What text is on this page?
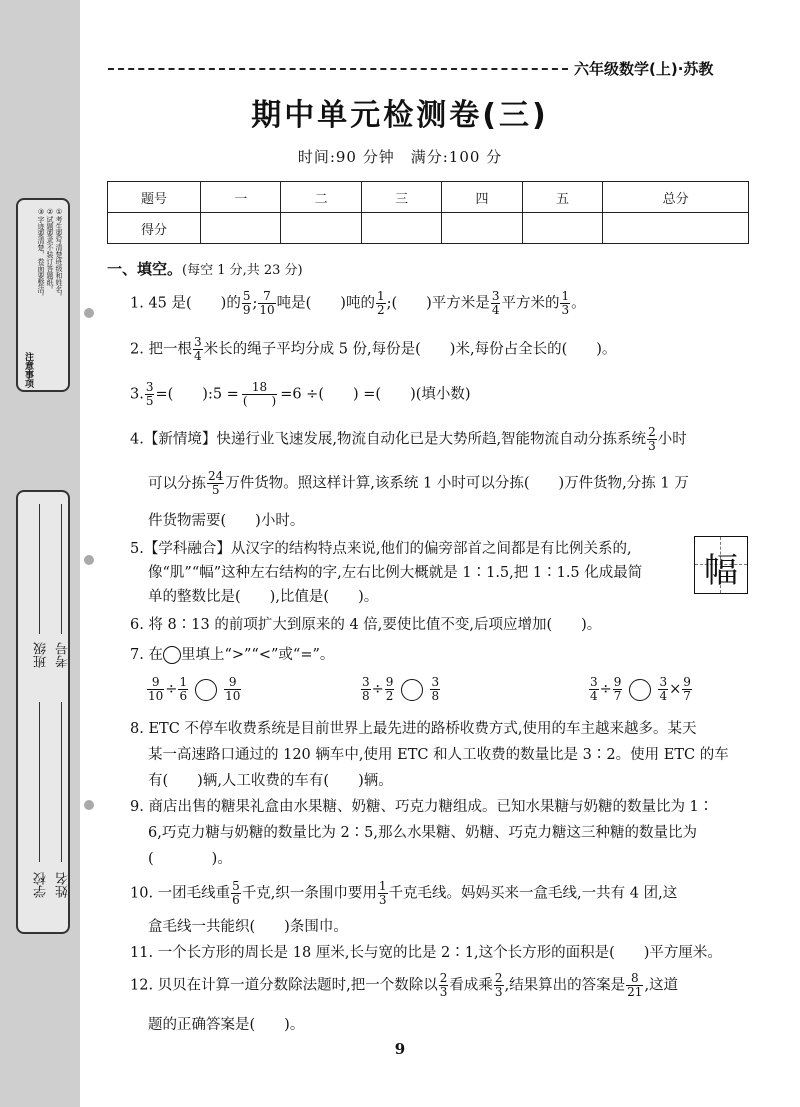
注意事项
①考生要写清楚班级和姓名。
②试题要求不装订答题纸。
③字迹要清楚，卷面要整洁。
班级 考号
学校 姓名
六年级数学(上)·苏教
期中单元检测卷(三)
时间:90 分钟　满分:100 分
题号	一	二	三	四	五	总分
得分						
一、填空。(每空 1 分,共 23 分)
1. 45 是(　　)的 $\frac{5}{9}$ ; $\frac{7}{10}$ 吨是(　　)吨的 $\frac{1}{2}$ ;(　　)平方米是 $\frac{3}{4}$ 平方米的 $\frac{1}{3}$ 。
2. 把一根 $\frac{3}{4}$ 米长的绳子平均分成 5 份,每份是(　　)米,每份占全长的(　　)。
3. $\frac{3}{5}$ =(　　):5 = $\frac{18}{( )} =6$ ÷(　　) =(　　)(填小数)
4.【新情境】快递行业飞速发展,物流自动化已是大势所趋,智能物流自动分拣系统 $\frac{2}{3}$ 小时
可以分拣 $\frac{24}{5}$ 万件货物。照这样计算,该系统 1 小时可以分拣(　　)万件货物,分拣 1 万
件货物需要(　　)小时。
5.【学科融合】从汉字的结构特点来说,他们的偏旁部首之间都是有比例关系的,
像“肌”“幅”这种左右结构的字,左右比例大概就是 1∶1.5,把 1∶1.5 化成最简
单的整数比是(　　),比值是(　　)。
幅
6. 将 8∶13 的前项扩大到原来的 4 倍,要使比值不变,后项应增加(　　)。
7. 在 里填上“>”“<”或“=”。
$\frac{9}{10} \div \frac{1}{6}$	$\frac{9}{10}$	$\frac{3}{8} \div \frac{9}{2}$	$\frac{3}{8}$	$\frac{3}{4} \div \frac{9}{7}$	$\frac{3}{4} \times \frac{9}{7}$
8. ETC 不停车收费系统是目前世界上最先进的路桥收费方式,使用的车主越来越多。某天
某一高速路口通过的 120 辆车中,使用 ETC 和人工收费的数量比是 3∶2。使用 ETC 的车
有(　　)辆,人工收费的车有(　　)辆。
9. 商店出售的糖果礼盒由水果糖、奶糖、巧克力糖组成。已知水果糖与奶糖的数量比为 1∶
6,巧克力糖与奶糖的数量比为 2∶5,那么水果糖、奶糖、巧克力糖这三种糖的数量比为
(　　　　)。
10. 一团毛线重 $\frac{5}{6}$ 千克,织一条围巾要用 $\frac{1}{3}$ 千克毛线。妈妈买来一盒毛线,一共有 4 团,这
盒毛线一共能织(　　)条围巾。
11. 一个长方形的周长是 18 厘米,长与宽的比是 2∶1,这个长方形的面积是(　　)平方厘米。
12. 贝贝在计算一道分数除法题时,把一个数除以 $\frac{2}{3}$ 看成乘 $\frac{2}{3}$ ,结果算出的答案是 $\frac{8}{21}$ ,这道
题的正确答案是(　　)。
9
